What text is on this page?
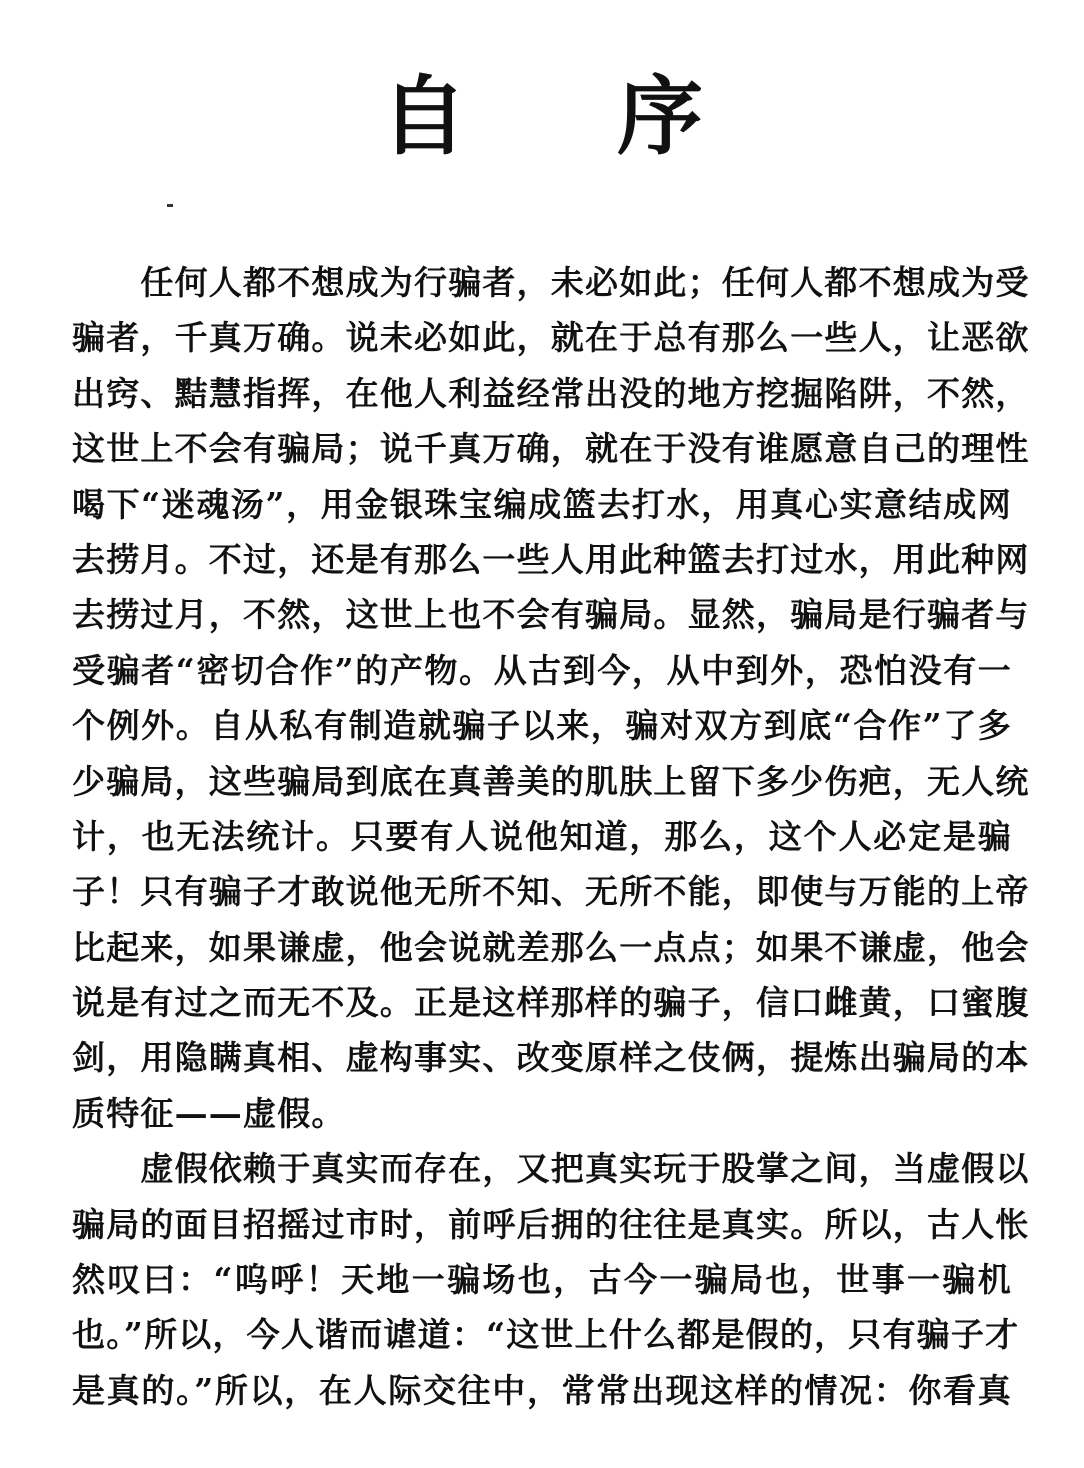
自 序
　　任何人都不想成为行骗者，未必如此；任何人都不想成为受
骗者，千真万确。说未必如此，就在于总有那么一些人，让恶欲
出窍、黠慧指挥，在他人利益经常出没的地方挖掘陷阱，不然，
这世上不会有骗局；说千真万确，就在于没有谁愿意自己的理性
喝下“迷魂汤”，用金银珠宝编成篮去打水，用真心实意结成网
去捞月。不过，还是有那么一些人用此种篮去打过水，用此种网
去捞过月，不然，这世上也不会有骗局。显然，骗局是行骗者与
受骗者“密切合作”的产物。从古到今，从中到外，恐怕没有一
个例外。自从私有制造就骗子以来，骗对双方到底“合作”了多
少骗局，这些骗局到底在真善美的肌肤上留下多少伤疤，无人统
计，也无法统计。只要有人说他知道，那么，这个人必定是骗
子！只有骗子才敢说他无所不知、无所不能，即使与万能的上帝
比起来，如果谦虚，他会说就差那么一点点；如果不谦虚，他会
说是有过之而无不及。正是这样那样的骗子，信口雌黄，口蜜腹
剑，用隐瞒真相、虚构事实、改变原样之伎俩，提炼出骗局的本
质特征——虚假。
　　虚假依赖于真实而存在，又把真实玩于股掌之间，当虚假以
骗局的面目招摇过市时，前呼后拥的往往是真实。所以，古人怅
然叹曰：“呜呼！天地一骗场也，古今一骗局也，世事一骗机
也。”所以，今人谐而谑道：“这世上什么都是假的，只有骗子才
是真的。”所以，在人际交往中，常常出现这样的情况：你看真
